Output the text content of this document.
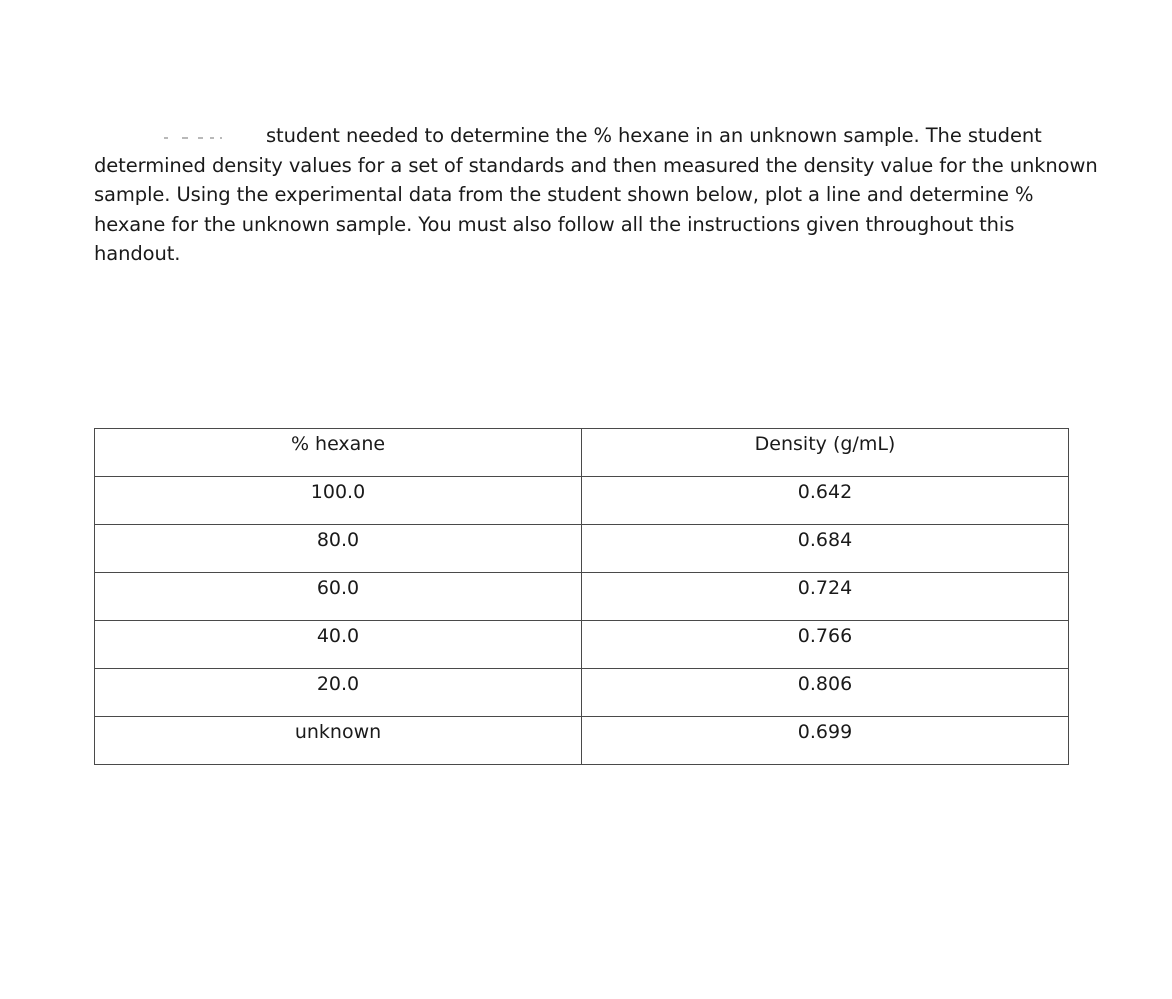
student needed to determine the % hexane in an unknown sample. The student
determined density values for a set of standards and then measured the density value for the unknown
sample. Using the experimental data from the student shown below, plot a line and determine %
hexane for the unknown sample. You must also follow all the instructions given throughout this
handout.
% hexane	Density (g/mL)

100.0	0.642

80.0	0.684

60.0	0.724

40.0	0.766

20.0	0.806

unknown	0.699
